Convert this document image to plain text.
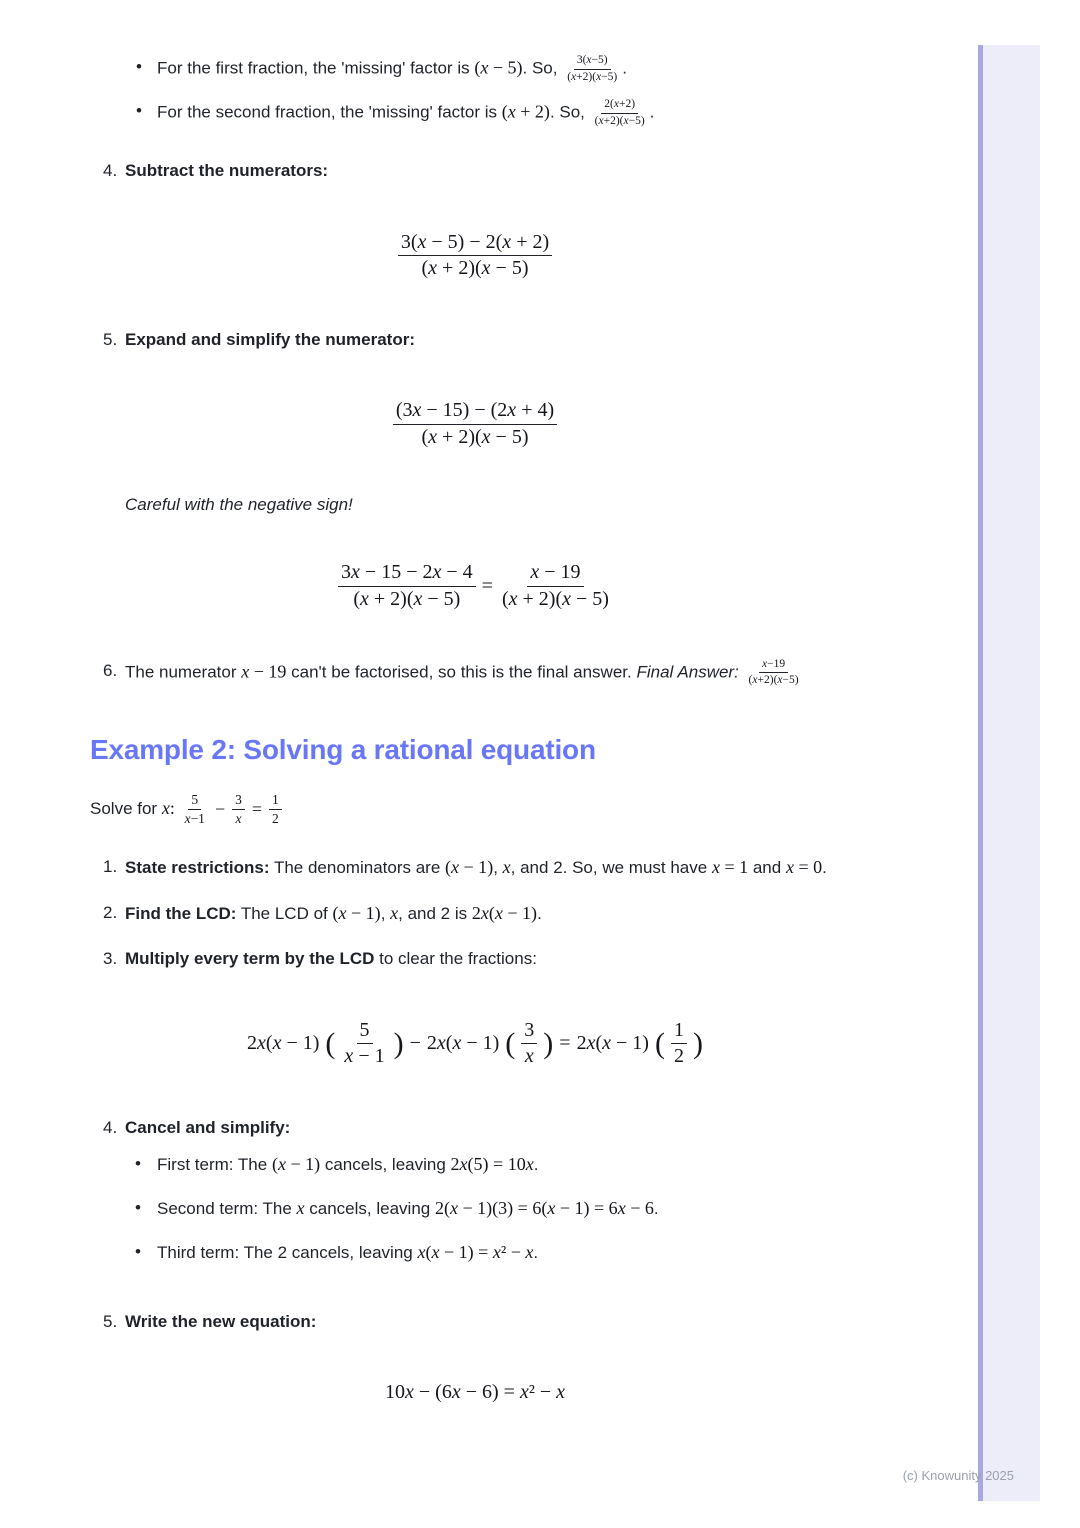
• For the first fraction, the 'missing' factor is (x − 5). So, $\frac{3(x-5)}{(x+2)(x-5)}$ .
• For the second fraction, the 'missing' factor is (x + 2). So, $\frac{2(x+2)}{(x+2)(x-5)}$ .
4. Subtract the numerators:
$\frac{3(x - 5) - 2(x + 2)}{(x + 2)(x - 5)}$
5. Expand and simplify the numerator:
$\frac{(3x - 15) - (2x + 4)}{(x + 2)(x - 5)}$
Careful with the negative sign!
$\frac{3x - 15 - 2x - 4}{(x + 2)(x - 5)} = \frac{x - 19}{(x + 2)(x - 5)}$
6. The numerator x − 19 can't be factorised, so this is the final answer. Final Answer: $\frac{x-19}{(x+2)(x-5)}$
Example 2: Solving a rational equation
Solve for x: $\frac{5}{x-1} - \frac{3}{x} = \frac{1}{2}$
1. State restrictions: The denominators are (x − 1), x, and 2. So, we must have x = 1 and x = 0.
2. Find the LCD: The LCD of (x − 1), x, and 2 is 2x(x − 1).
3. Multiply every term by the LCD to clear the fractions:
2x(x − 1) ( $\frac{5}{x - 1}$ ) − 2x(x − 1) ( $\frac{3}{x}$ ) = 2x(x − 1) ( $\frac{1}{2}$ )
4. Cancel and simplify:
• First term: The (x − 1) cancels, leaving 2x(5) = 10x.
• Second term: The x cancels, leaving 2(x − 1)(3) = 6(x − 1) = 6x − 6.
• Third term: The 2 cancels, leaving x(x − 1) = x² − x.
5. Write the new equation:
10x − (6x − 6) = x² − x
(c) Knowunity 2025
